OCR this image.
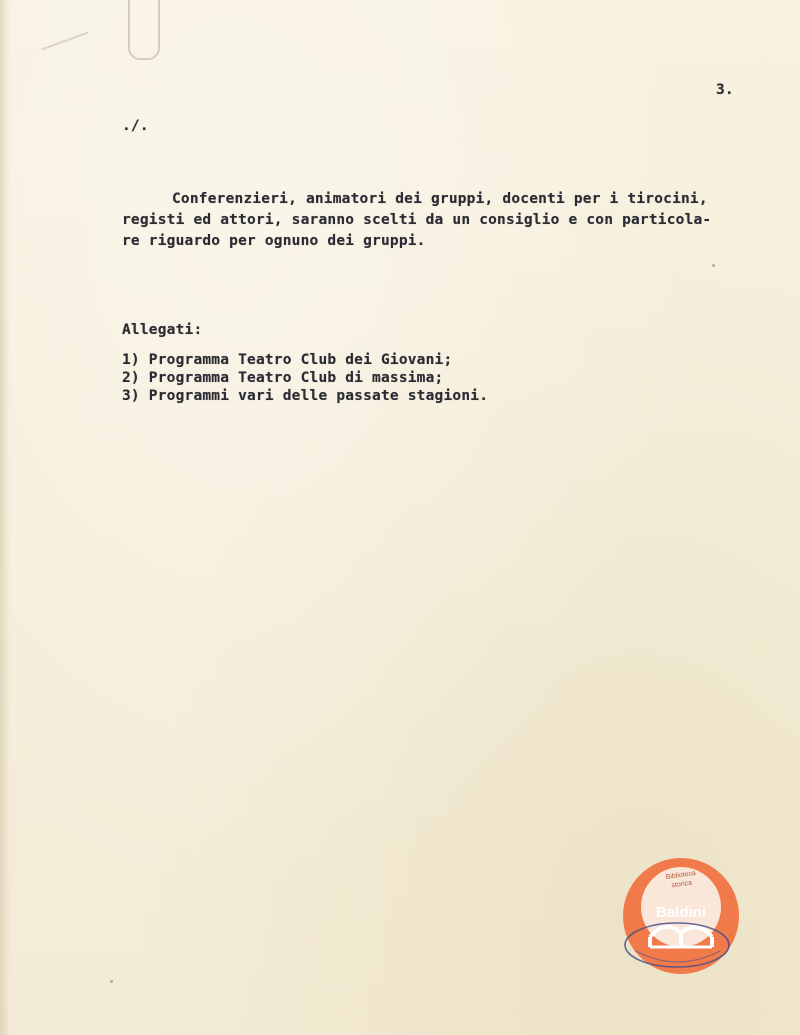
3.
./.
Conferenzieri, animatori dei gruppi, docenti per i tirocini,
registi ed attori, saranno scelti da un consiglio e con particola-
re riguardo per ognuno dei gruppi.
Allegati:
1) Programma Teatro Club dei Giovani;
2) Programma Teatro Club di massima;
3) Programmi vari delle passate stagioni.
Biblioteca
storica
Baldini
